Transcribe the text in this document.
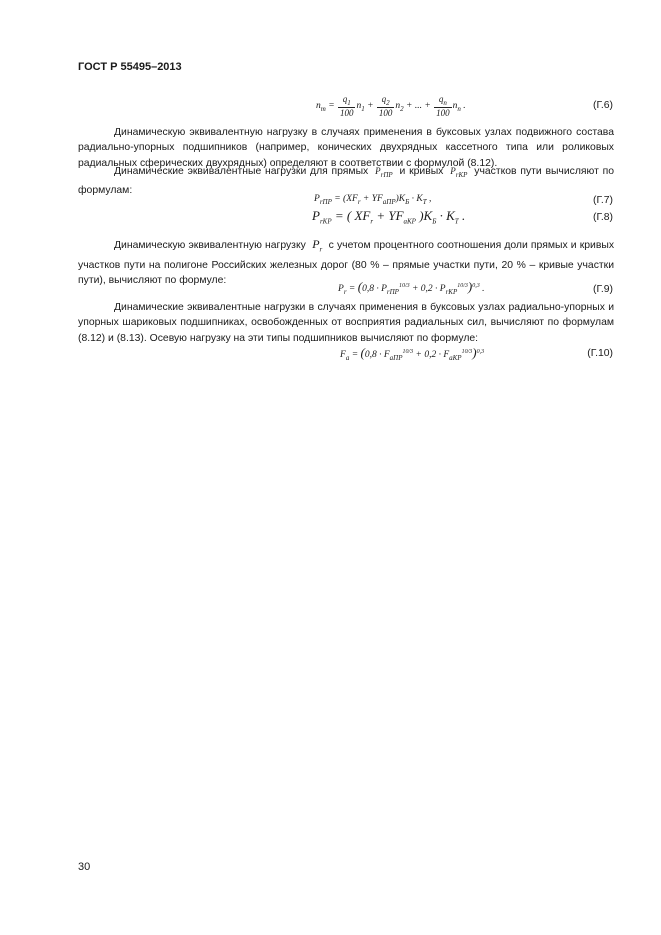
ГОСТ Р 55495–2013
$n_m = \frac{q_1}{100} n_1 + \frac{q_2}{100} n_2$ + ... + $\frac{q_n}{100} n_n$ .	(Г.6)
Динамическую эквивалентную нагрузку в случаях применения в буксовых узлах подвижного состава радиально-упорных подшипников (например, конических двухрядных кассетного типа или роликовых радиальных сферических двухрядных) определяют в соответствии с формулой (8.12).
Динамические эквивалентные нагрузки для прямых  $P_{rПР}$ и кривых  $P_{rКР}$ участков пути вычисляют по формулам:
$P_{rПР} = (XF_r + YF_{aПР})K_Б \cdot K_T$ ,	(Г.7)
$P_{rКР}$ = ( $XF_r + YF_{aКР}$ )$K_Б \cdot K_T$ .	(Г.8)
Динамическую эквивалентную нагрузку  $P_r$ с учетом процентного соотношения доли прямых и кривых участков пути на полигоне Российских железных дорог (80 % – прямые участки пути, 20 % – кривые участки пути), вычисляют по формуле:
$P_r = (0,8 \cdot P_{rПР}^{10/3} + 0,2 \cdot P_{rКР}^{10/3})^{0,3}$ .	(Г.9)
Динамические эквивалентные нагрузки в случаях применения в буксовых узлах радиально-упорных и упорных шариковых подшипниках, освобожденных от восприятия радиальных сил, вычисляют по формулам (8.12) и (8.13). Осевую нагрузку на эти типы подшипников вычисляют по формуле:
$F_a = (0,8 \cdot F_{aПР}^{10/3} + 0,2 \cdot F_{aКР}^{10/3})^{0,3}$	(Г.10)
30
